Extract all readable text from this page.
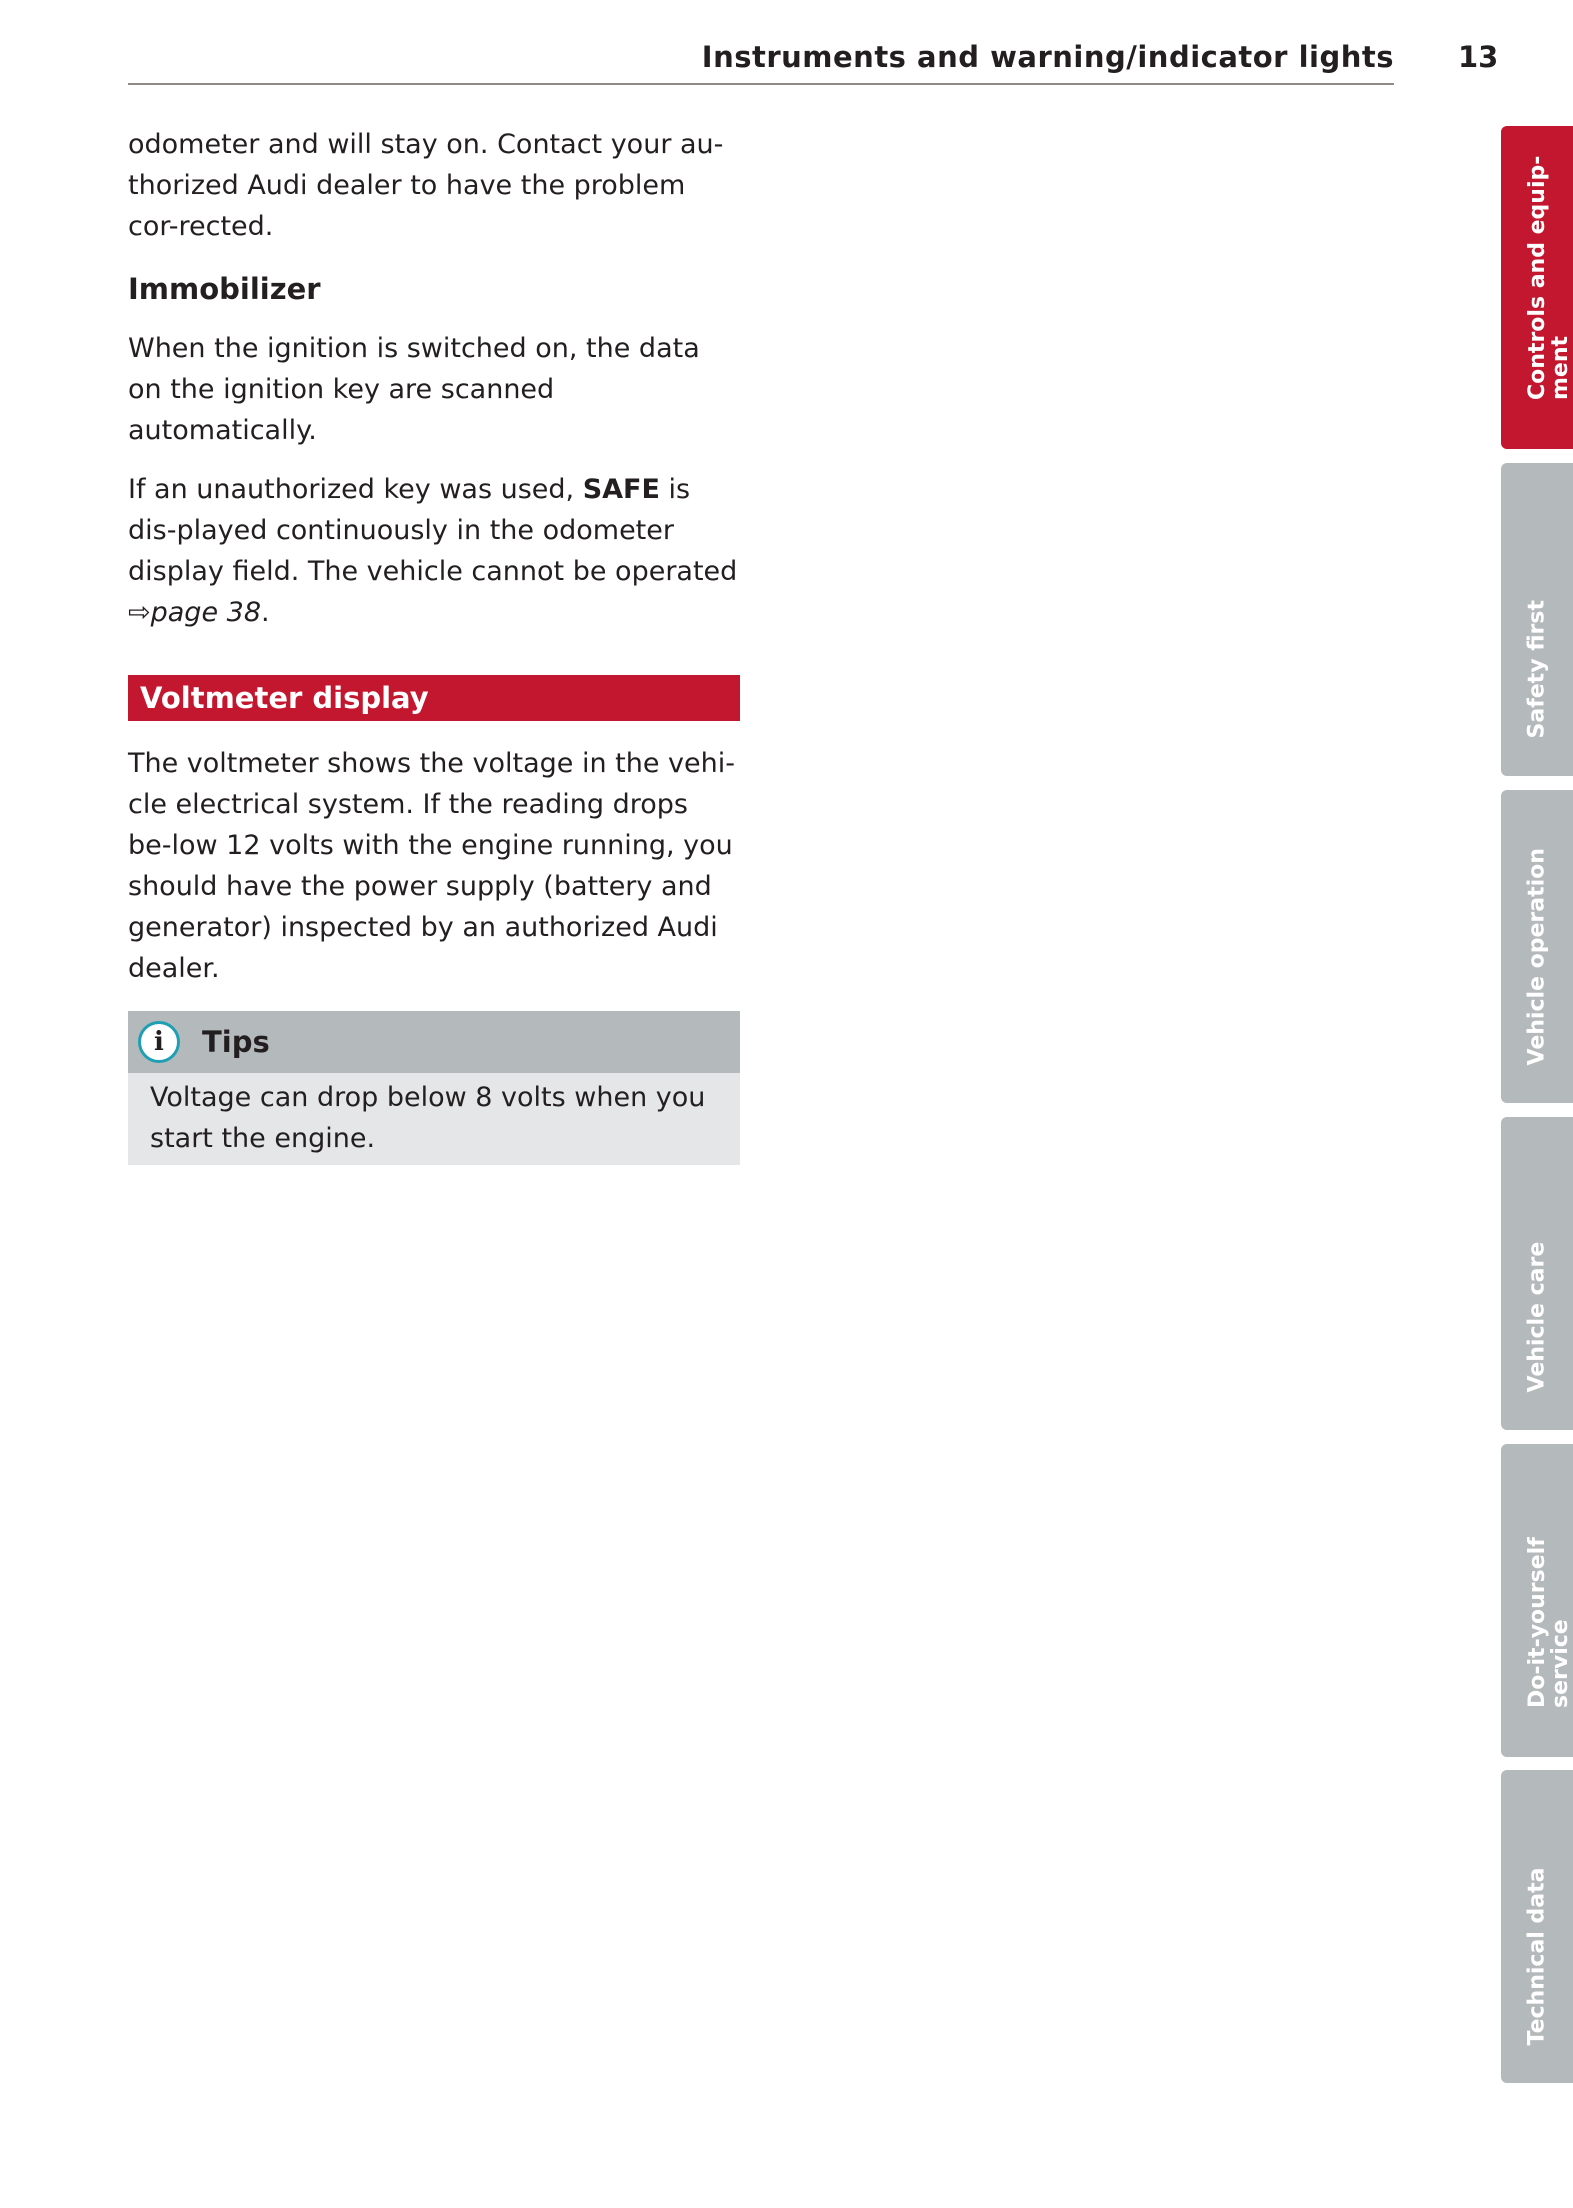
Instruments and warning/indicator lights 13

odometer and will stay on. Contact your au-thorized Audi dealer to have the problem cor-rected.

Immobilizer

When the ignition is switched on, the data on the ignition key are scanned automatically.

If an unauthorized key was used, SAFE is dis-played continuously in the odometer display field. The vehicle cannot be operated
⇨page 38.

Voltmeter display

The voltmeter shows the voltage in the vehi-cle electrical system. If the reading drops be-low 12 volts with the engine running, you should have the power supply (battery and generator) inspected by an authorized Audi dealer.

i	Tips
Voltage can drop below 8 volts when you start the engine.
Controls and equip-
ment
Safety first
Vehicle operation
Vehicle care
Do-it-yourself
service
Technical data
